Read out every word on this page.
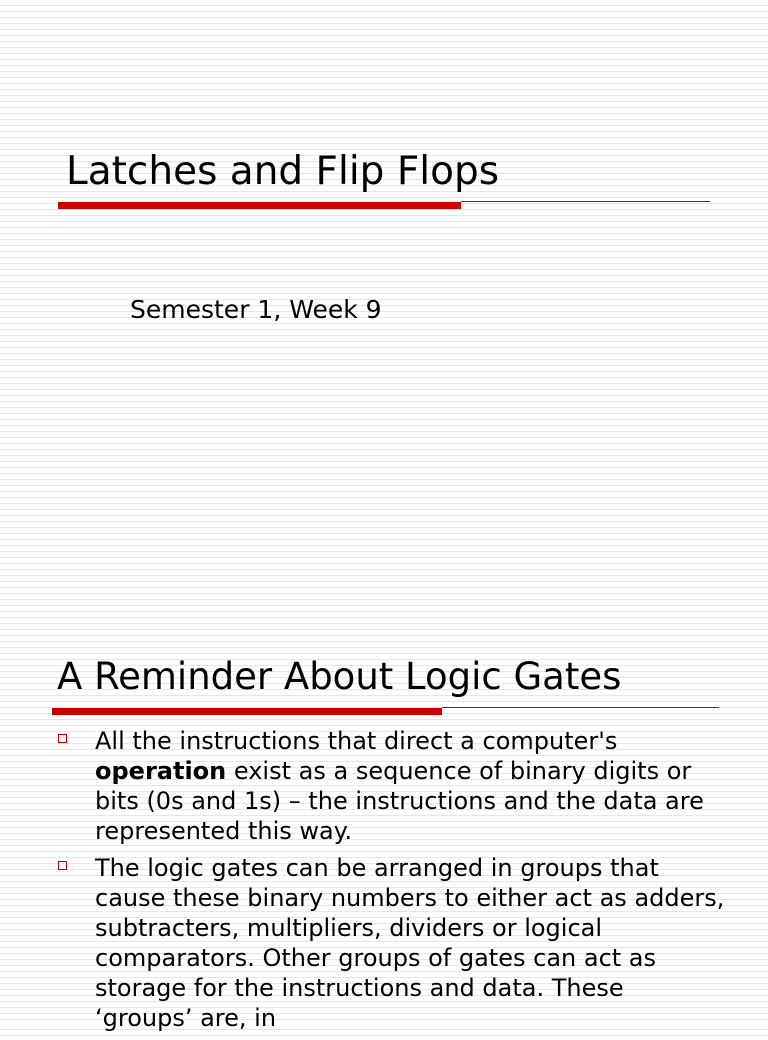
Latches and Flip Flops
Semester 1, Week 9
A Reminder About Logic Gates
All the instructions that direct a computer's operation exist as a sequence of binary digits or bits (0s and 1s) – the instructions and the data are represented this way.
The logic gates can be arranged in groups that cause these binary numbers to either act as adders, subtracters, multipliers, dividers or logical comparators. Other groups of gates can act as storage for the instructions and data. These ‘groups’ are, in
